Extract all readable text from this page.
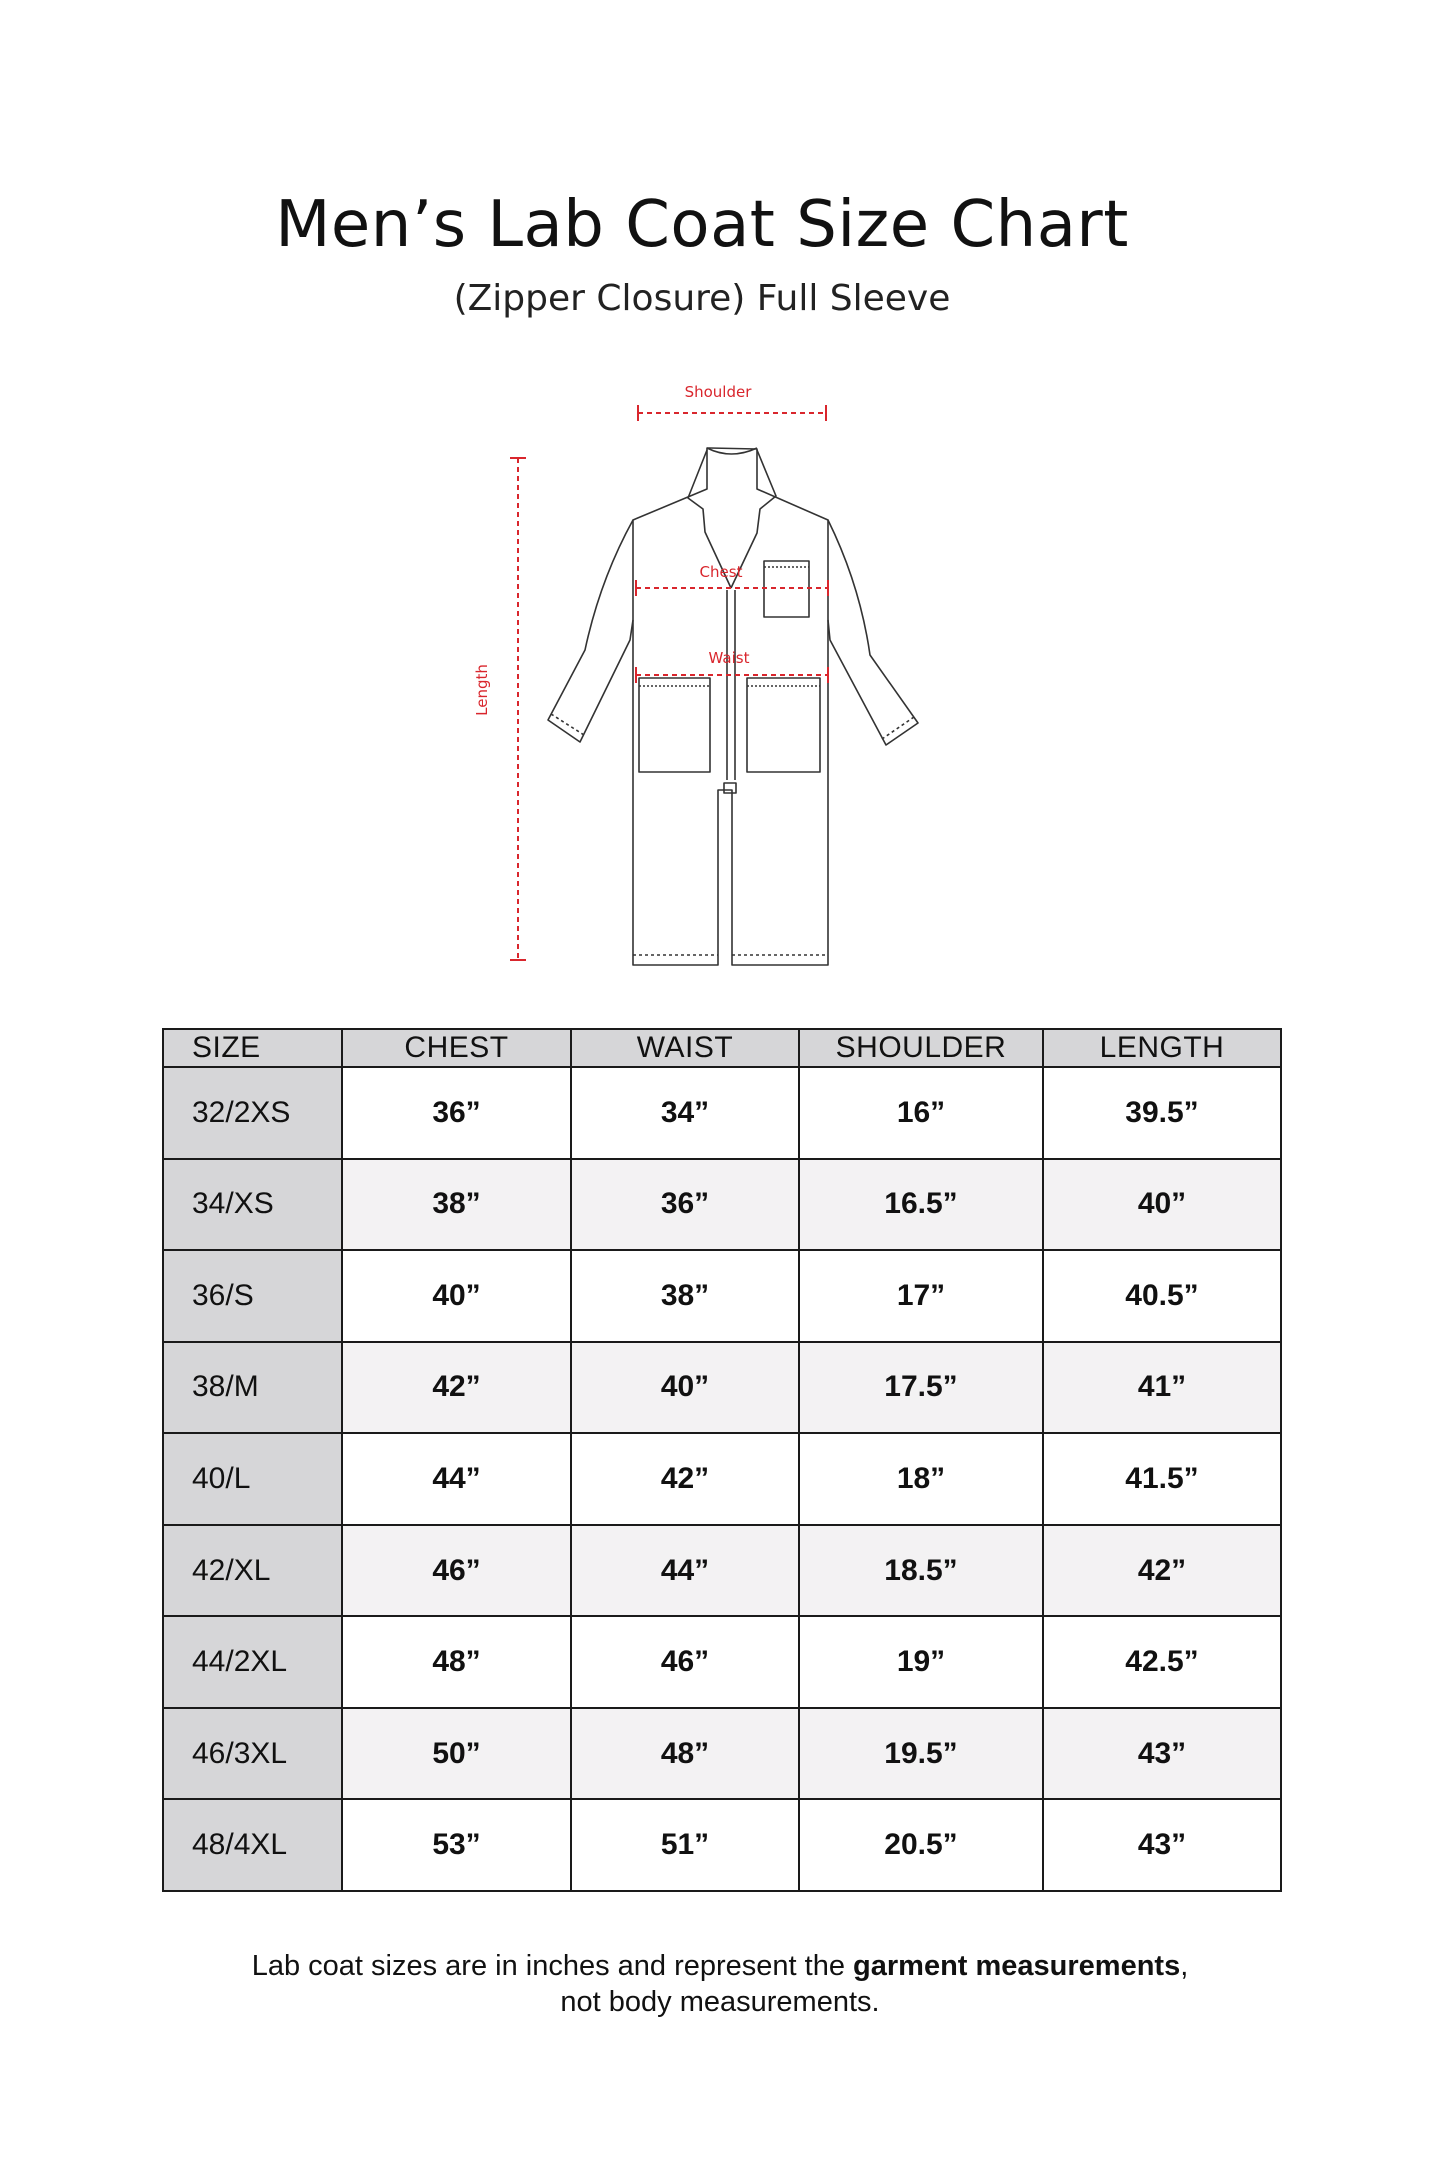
Men’s Lab Coat Size Chart
(Zipper Closure) Full Sleeve
Shoulder
Chest
Waist
Length
SIZE	CHEST	WAIST	SHOULDER	LENGTH
32/2XS	36”	34”	16”	39.5”
34/XS	38”	36”	16.5”	40”
36/S	40”	38”	17”	40.5”
38/M	42”	40”	17.5”	41”
40/L	44”	42”	18”	41.5”
42/XL	46”	44”	18.5”	42”
44/2XL	48”	46”	19”	42.5”
46/3XL	50”	48”	19.5”	43”
48/4XL	53”	51”	20.5”	43”
Lab coat sizes are in inches and represent the garment measurements,
not body measurements.
